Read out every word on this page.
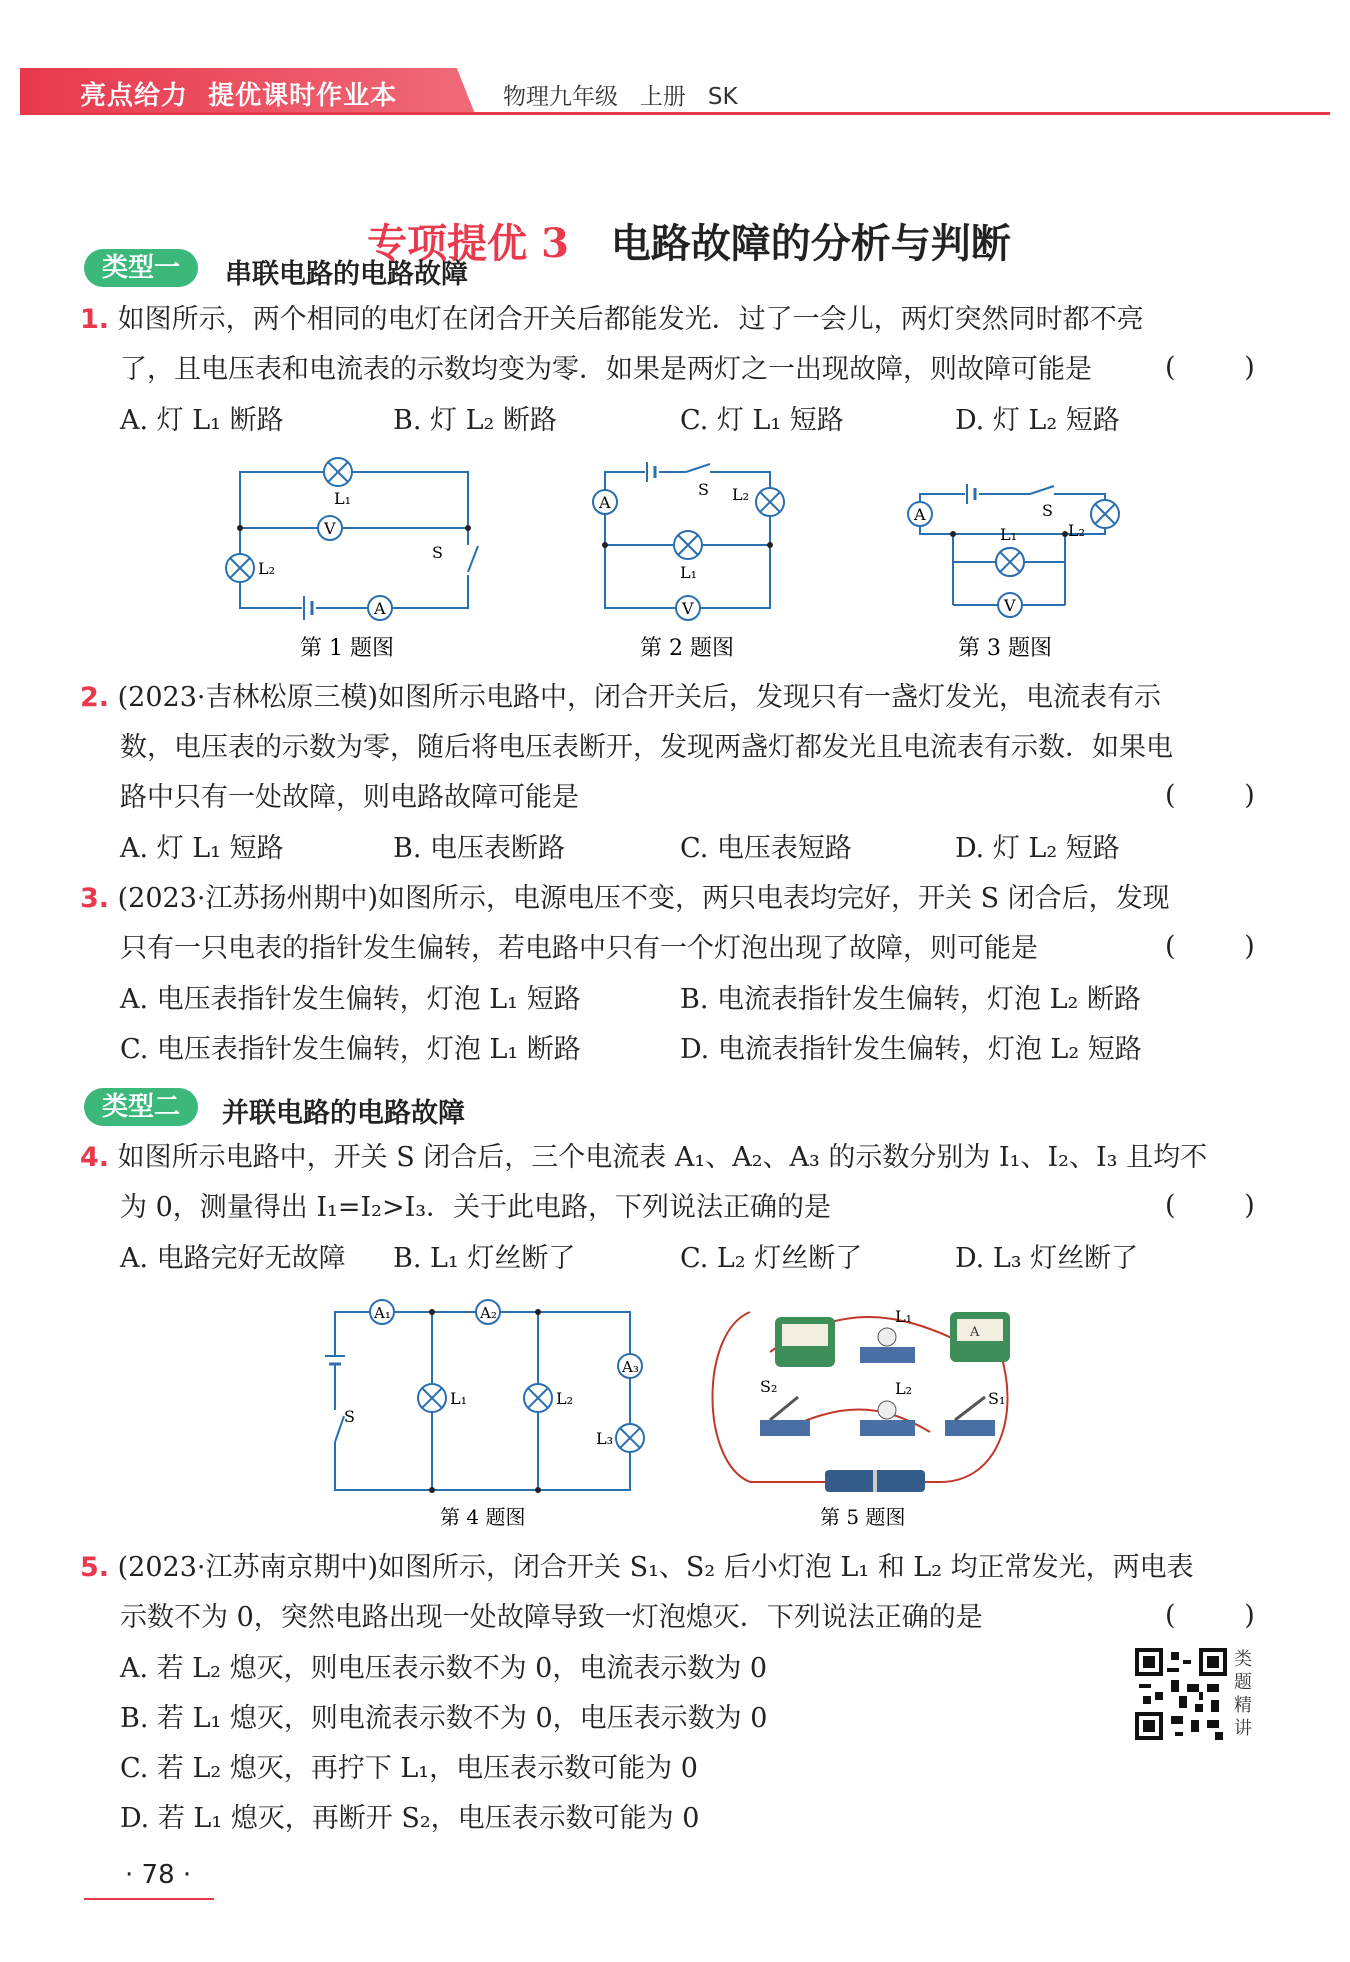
亮点给力  提优课时作业本	物理九年级   上册   SK

专项提优 3 电路故障的分析与判断

类型一	串联电路的电路故障
1. 如图所示，两个相同的电灯在闭合开关后都能发光．过了一会儿，两灯突然同时都不亮
了，且电压表和电流表的示数均变为零．如果是两灯之一出现故障，则故障可能是	(        )
A. 灯 L₁ 断路	B. 灯 L₂ 断路	C. 灯 L₁ 短路	D. 灯 L₂ 短路
L₁
L₂
V
A
S
第 1 题图
S L₂
A
L₁
V
第 2 题图
S
A
L₂
L₁
V
第 3 题图
2. (2023·吉林松原三模)如图所示电路中，闭合开关后，发现只有一盏灯发光，电流表有示
数，电压表的示数为零，随后将电压表断开，发现两盏灯都发光且电流表有示数．如果电
路中只有一处故障，则电路故障可能是	(        )
A. 灯 L₁ 短路	B. 电压表断路	C. 电压表短路	D. 灯 L₂ 短路
3. (2023·江苏扬州期中)如图所示，电源电压不变，两只电表均完好，开关 S 闭合后，发现
只有一只电表的指针发生偏转，若电路中只有一个灯泡出现了故障，则可能是	(        )
A. 电压表指针发生偏转，灯泡 L₁ 短路	B. 电流表指针发生偏转，灯泡 L₂ 断路
C. 电压表指针发生偏转，灯泡 L₁ 断路	D. 电流表指针发生偏转，灯泡 L₂ 短路
类型二	并联电路的电路故障
4. 如图所示电路中，开关 S 闭合后，三个电流表 A₁、A₂、A₃ 的示数分别为 I₁、I₂、I₃ 且均不
为 0，测量得出 I₁=I₂>I₃．关于此电路，下列说法正确的是	(        )
A. 电路完好无故障 B. L₁ 灯丝断了	C. L₂ 灯丝断了	D. L₃ 灯丝断了
A₁	A₂
A₃
L₁	L₂
L₃
S
第 4 题图
A
L₁
L₂
S₂
S₁
第 5 题图
5. (2023·江苏南京期中)如图所示，闭合开关 S₁、S₂ 后小灯泡 L₁ 和 L₂ 均正常发光，两电表
示数不为 0，突然电路出现一处故障导致一灯泡熄灭．下列说法正确的是	(        )
A. 若 L₂ 熄灭，则电压表示数不为 0，电流表示数为 0
B. 若 L₁ 熄灭，则电流表示数不为 0，电压表示数为 0
C. 若 L₂ 熄灭，再拧下 L₁，电压表示数可能为 0
D. 若 L₁ 熄灭，再断开 S₂，电压表示数可能为 0
类题精讲
· 78 ·
